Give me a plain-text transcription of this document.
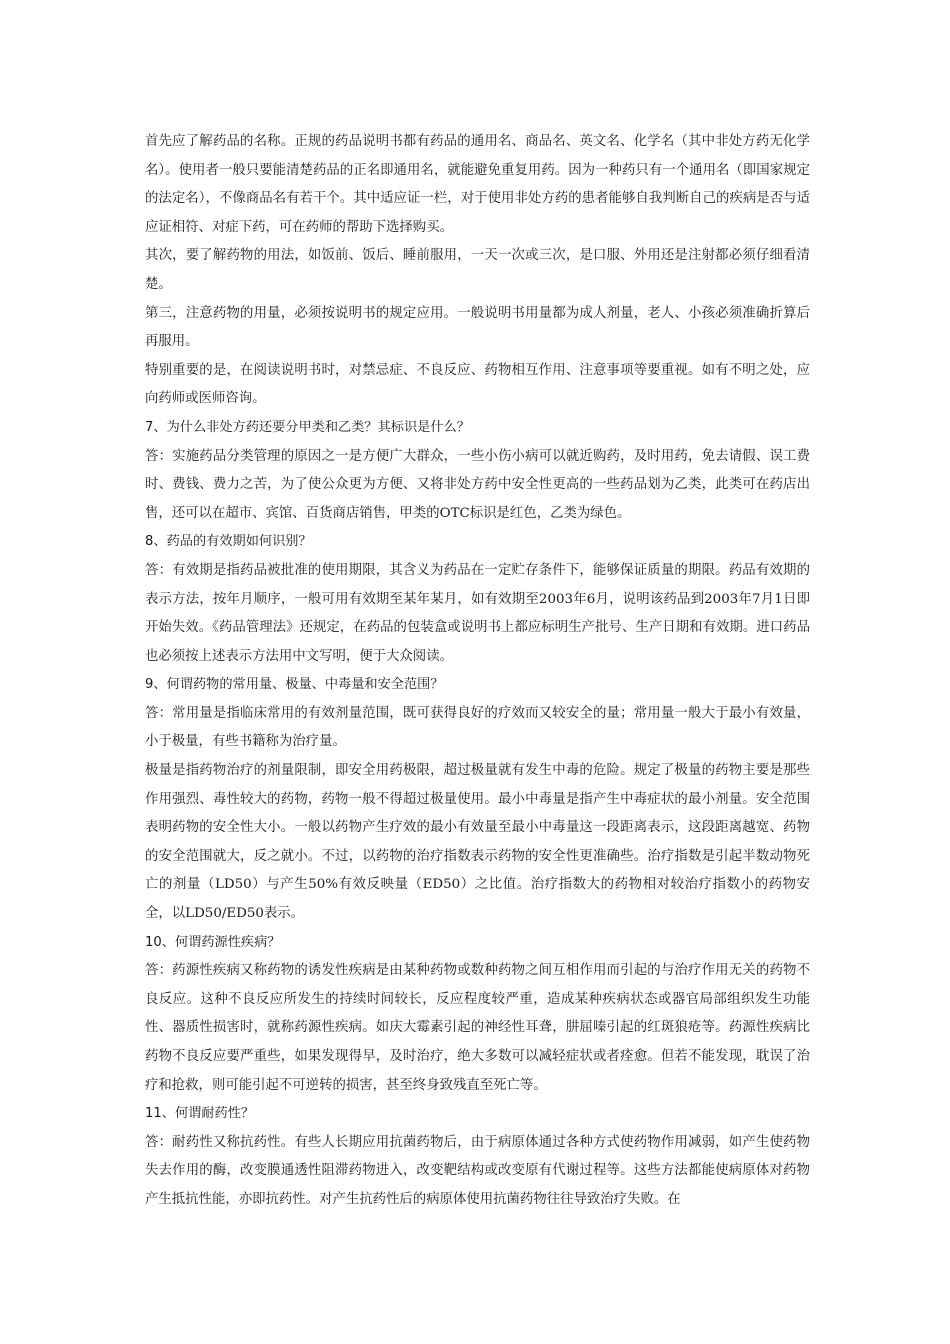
首先应了解药品的名称。正规的药品说明书都有药品的通用名、商品名、英文名、化学名（其中非处方药无化学名）。使用者一般只要能清楚药品的正名即通用名，就能避免重复用药。因为一种药只有一个通用名（即国家规定的法定名），不像商品名有若干个。其中适应证一栏，对于使用非处方药的患者能够自我判断自己的疾病是否与适应证相符、对症下药，可在药师的帮助下选择购买。

其次，要了解药物的用法，如饭前、饭后、睡前服用，一天一次或三次，是口服、外用还是注射都必须仔细看清楚。

第三，注意药物的用量，必须按说明书的规定应用。一般说明书用量都为成人剂量，老人、小孩必须准确折算后再服用。

特别重要的是，在阅读说明书时，对禁忌症、不良反应、药物相互作用、注意事项等要重视。如有不明之处，应向药师或医师咨询。

7、为什么非处方药还要分甲类和乙类？其标识是什么？

答：实施药品分类管理的原因之一是方便广大群众，一些小伤小病可以就近购药，及时用药，免去请假、误工费时、费钱、费力之苦，为了使公众更为方便、又将非处方药中安全性更高的一些药品划为乙类，此类可在药店出售，还可以在超市、宾馆、百货商店销售，甲类的OTC标识是红色，乙类为绿色。

8、药品的有效期如何识别？

答：有效期是指药品被批准的使用期限，其含义为药品在一定贮存条件下，能够保证质量的期限。药品有效期的表示方法，按年月顺序，一般可用有效期至某年某月，如有效期至2003年6月，说明该药品到2003年7月1日即开始失效。《药品管理法》还规定，在药品的包装盒或说明书上都应标明生产批号、生产日期和有效期。进口药品也必须按上述表示方法用中文写明，便于大众阅读。

9、何谓药物的常用量、极量、中毒量和安全范围？

答：常用量是指临床常用的有效剂量范围，既可获得良好的疗效而又较安全的量；常用量一般大于最小有效量，小于极量，有些书籍称为治疗量。

极量是指药物治疗的剂量限制，即安全用药极限，超过极量就有发生中毒的危险。规定了极量的药物主要是那些作用强烈、毒性较大的药物，药物一般不得超过极量使用。最小中毒量是指产生中毒症状的最小剂量。安全范围表明药物的安全性大小。一般以药物产生疗效的最小有效量至最小中毒量这一段距离表示，这段距离越宽、药物的安全范围就大，反之就小。不过，以药物的治疗指数表示药物的安全性更准确些。治疗指数是引起半数动物死亡的剂量（LD50）与产生50%有效反映量（ED50）之比值。治疗指数大的药物相对较治疗指数小的药物安全，以LD50/ED50表示。

10、何谓药源性疾病？

答：药源性疾病又称药物的诱发性疾病是由某种药物或数种药物之间互相作用而引起的与治疗作用无关的药物不良反应。这种不良反应所发生的持续时间较长，反应程度较严重，造成某种疾病状态或器官局部组织发生功能性、器质性损害时，就称药源性疾病。如庆大霉素引起的神经性耳聋，肼屈嗪引起的红斑狼疮等。药源性疾病比药物不良反应要严重些，如果发现得早，及时治疗，绝大多数可以减轻症状或者痊愈。但若不能发现，耽误了治疗和抢救，则可能引起不可逆转的损害，甚至终身致残直至死亡等。

11、何谓耐药性？

答：耐药性又称抗药性。有些人长期应用抗菌药物后，由于病原体通过各种方式使药物作用减弱，如产生使药物失去作用的酶，改变膜通透性阻滞药物进入，改变靶结构或改变原有代谢过程等。这些方法都能使病原体对药物产生抵抗性能，亦即抗药性。对产生抗药性后的病原体使用抗菌药物往往导致治疗失败。在
